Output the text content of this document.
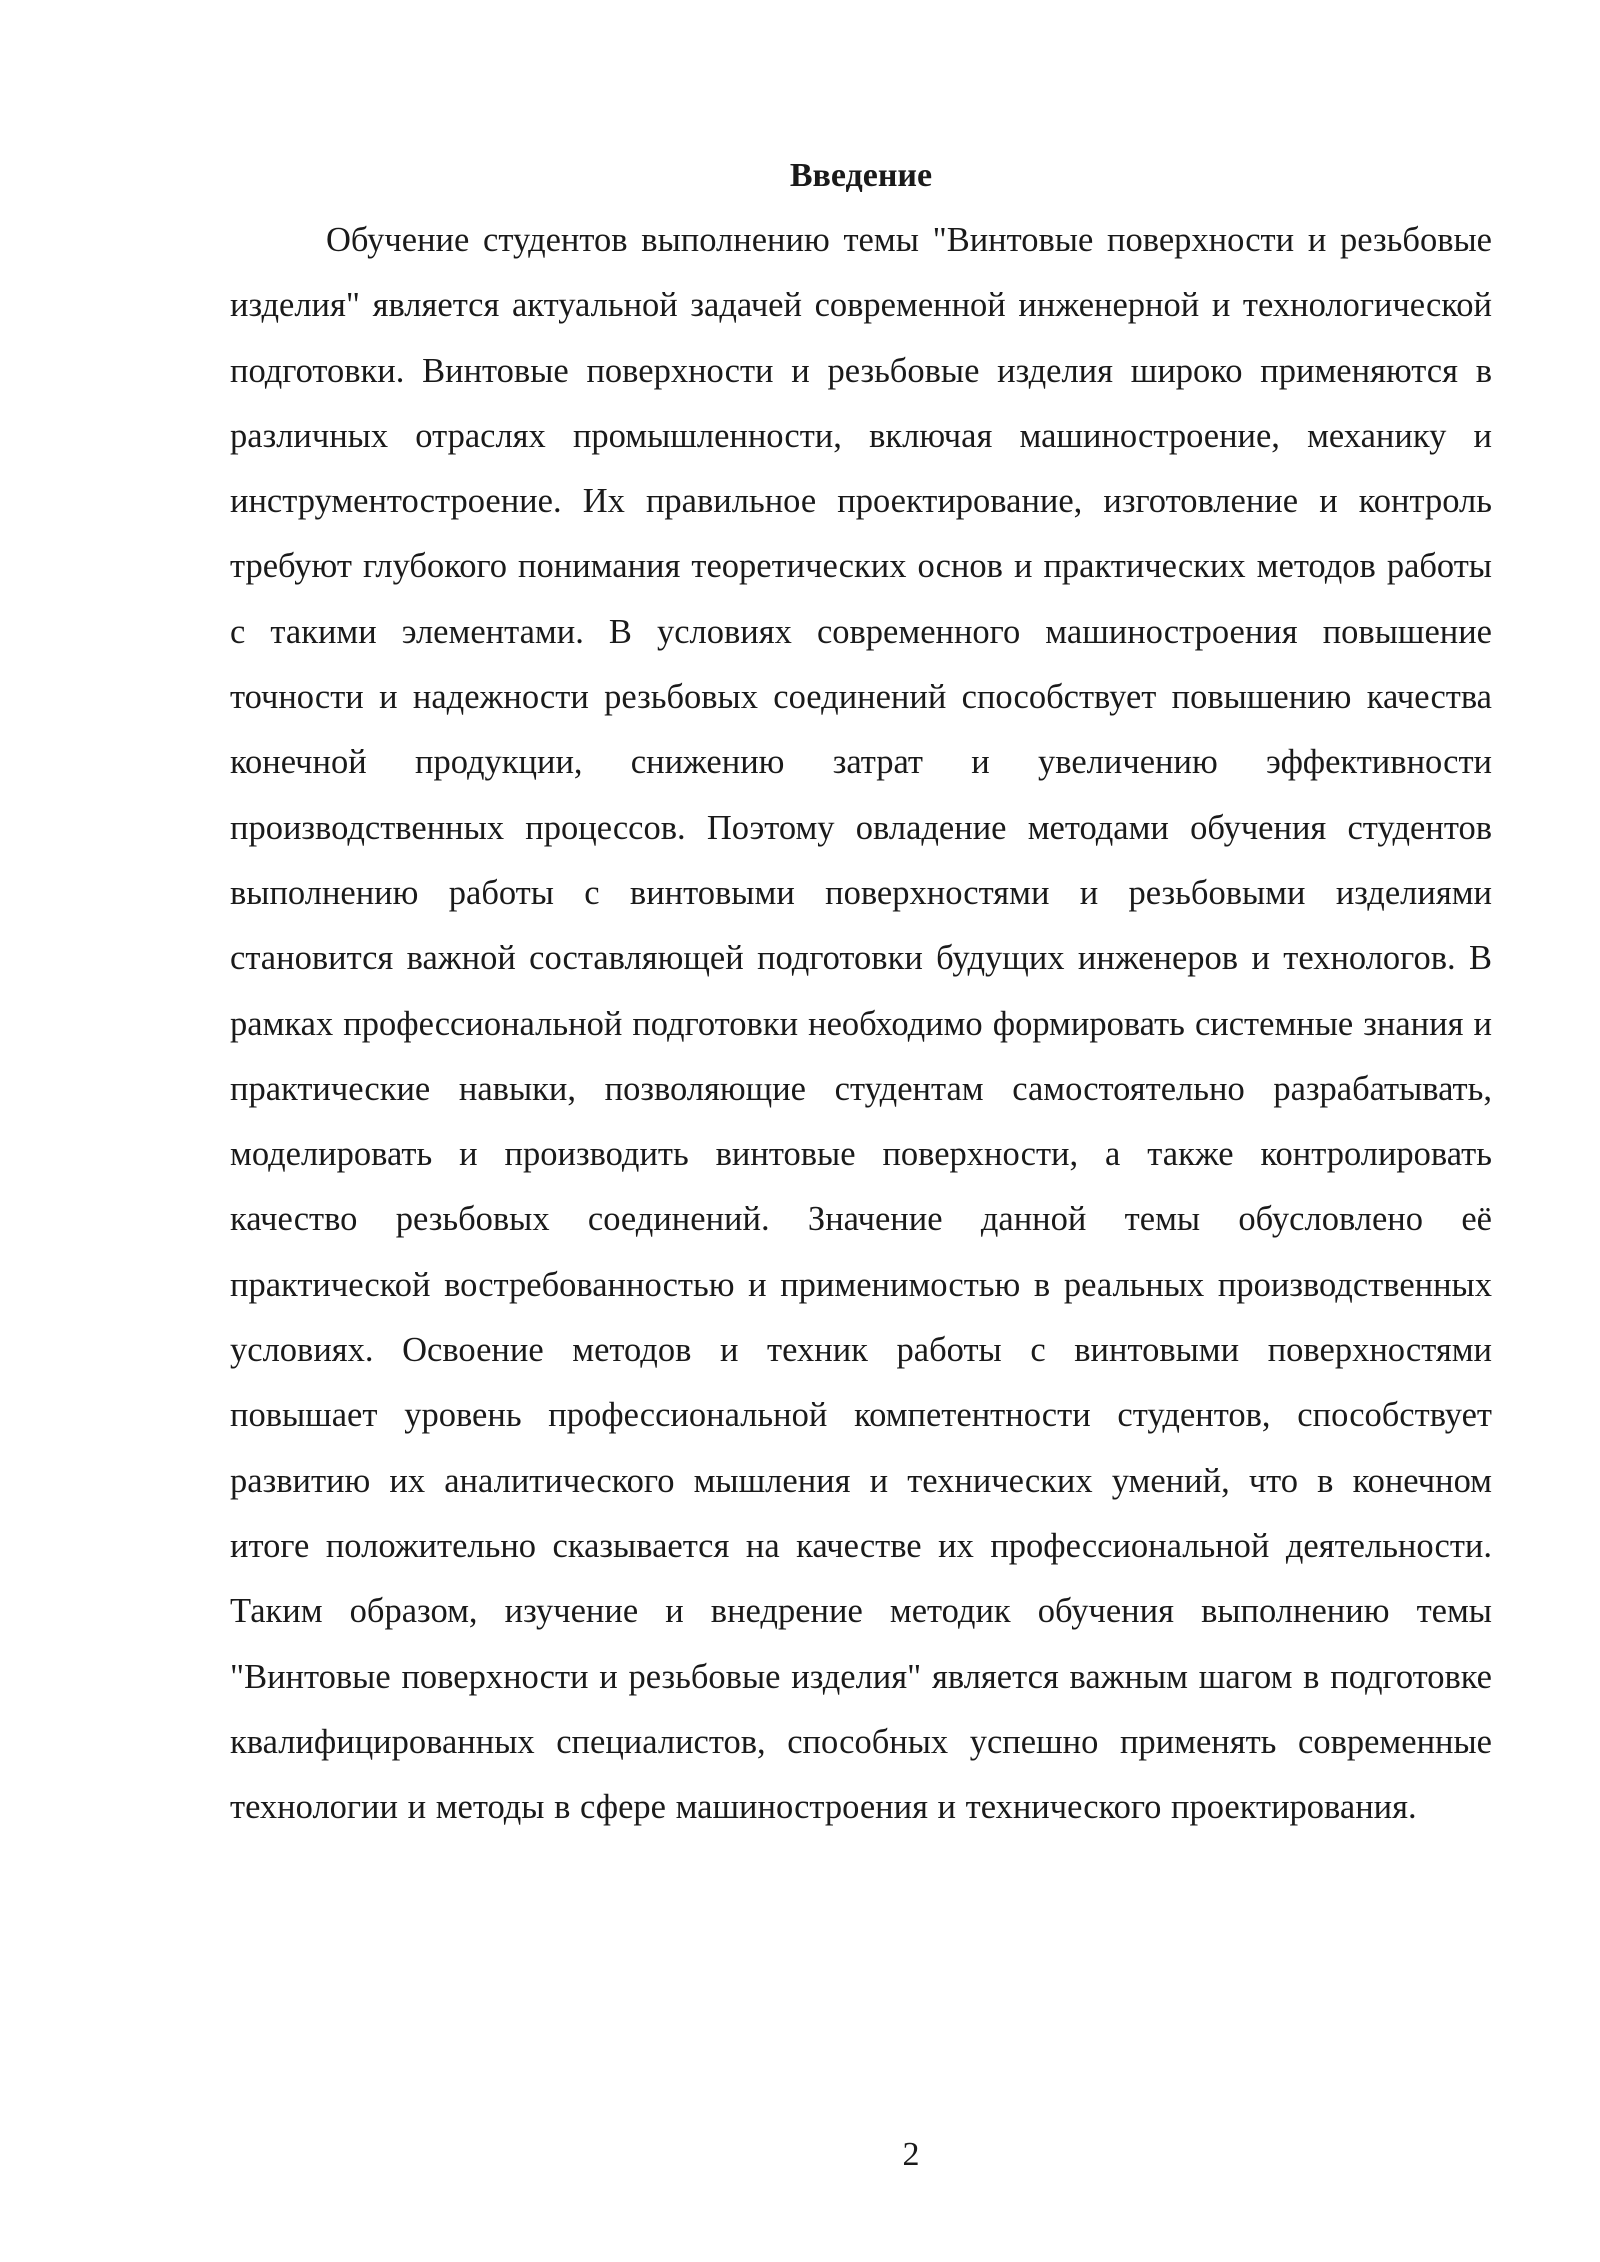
Введение

Обучение студентов выполнению темы "Винтовые поверхности и резьбовые изделия" является актуальной задачей современной инженерной и технологической подготовки. Винтовые поверхности и резьбовые изделия широко применяются в различных отраслях промышленности, включая машиностроение, механику и инструментостроение. Их правильное проектирование, изготовление и контроль требуют глубокого понимания теоретических основ и практических методов работы с такими элементами. В условиях современного машиностроения повышение точности и надежности резьбовых соединений способствует повышению качества конечной продукции, снижению затрат и увеличению эффективности производственных процессов. Поэтому овладение методами обучения студентов выполнению работы с винтовыми поверхностями и резьбовыми изделиями становится важной составляющей подготовки будущих инженеров и технологов. В рамках профессиональной подготовки необходимо формировать системные знания и практические навыки, позволяющие студентам самостоятельно разрабатывать, моделировать и производить винтовые поверхности, а также контролировать качество резьбовых соединений. Значение данной темы обусловлено её практической востребованностью и применимостью в реальных производственных условиях. Освоение методов и техник работы с винтовыми поверхностями повышает уровень профессиональной компетентности студентов, способствует развитию их аналитического мышления и технических умений, что в конечном итоге положительно сказывается на качестве их профессиональной деятельности. Таким образом, изучение и внедрение методик обучения выполнению темы "Винтовые поверхности и резьбовые изделия" является важным шагом в подготовке квалифицированных специалистов, способных успешно применять современные технологии и методы в сфере машиностроения и технического проектирования.

2
